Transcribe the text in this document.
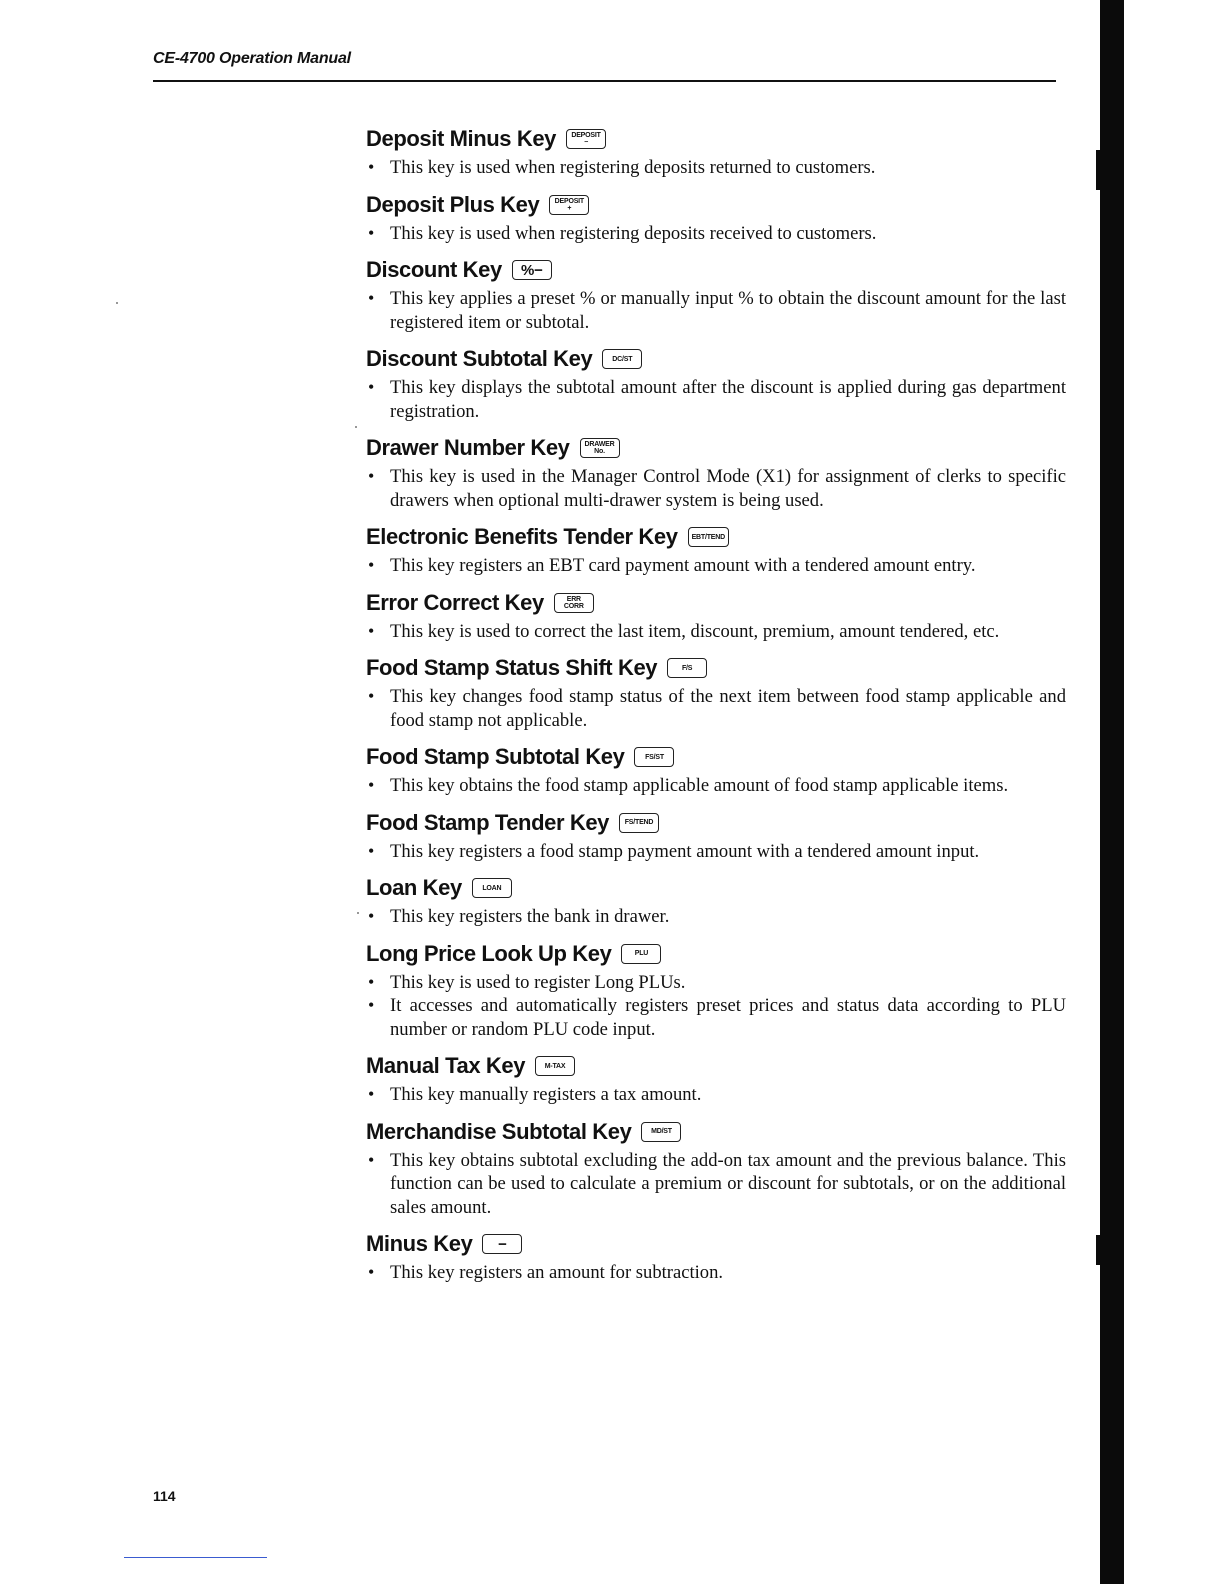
CE-4700 Operation Manual
Deposit Minus Key	DEPOSIT
−
• This key is used when registering deposits returned to customers.
Deposit Plus Key	DEPOSIT
+
• This key is used when registering deposits received to customers.
Discount Key	%−
• This key applies a preset % or manually input % to obtain the discount amount for the last registered item or subtotal.
Discount Subtotal Key	DC/ST
• This key displays the subtotal amount after the discount is applied during gas department registration.
Drawer Number Key	DRAWER
No.
• This key is used in the Manager Control Mode (X1) for assignment of clerks to specific drawers when optional multi-drawer system is being used.
Electronic Benefits Tender Key	EBT/TEND
• This key registers an EBT card payment amount with a tendered amount entry.
Error Correct Key	ERR
CORR
• This key is used to correct the last item, discount, premium, amount tendered, etc.
Food Stamp Status Shift Key	F/S
• This key changes food stamp status of the next item between food stamp applicable and food stamp not applicable.
Food Stamp Subtotal Key	FS/ST
• This key obtains the food stamp applicable amount of food stamp applicable items.
Food Stamp Tender Key	FS/TEND
• This key registers a food stamp payment amount with a tendered amount input.
Loan Key	LOAN
• This key registers the bank in drawer.
Long Price Look Up Key	PLU
• This key is used to register Long PLUs.
• It accesses and automatically registers preset prices and status data according to PLU number or random PLU code input.
Manual Tax Key	M-TAX
• This key manually registers a tax amount.
Merchandise Subtotal Key	MD/ST
• This key obtains subtotal excluding the add-on tax amount and the previous balance. This function can be used to calculate a premium or discount for subtotals, or on the additional sales amount.
Minus Key	−
• This key registers an amount for subtraction.
114
